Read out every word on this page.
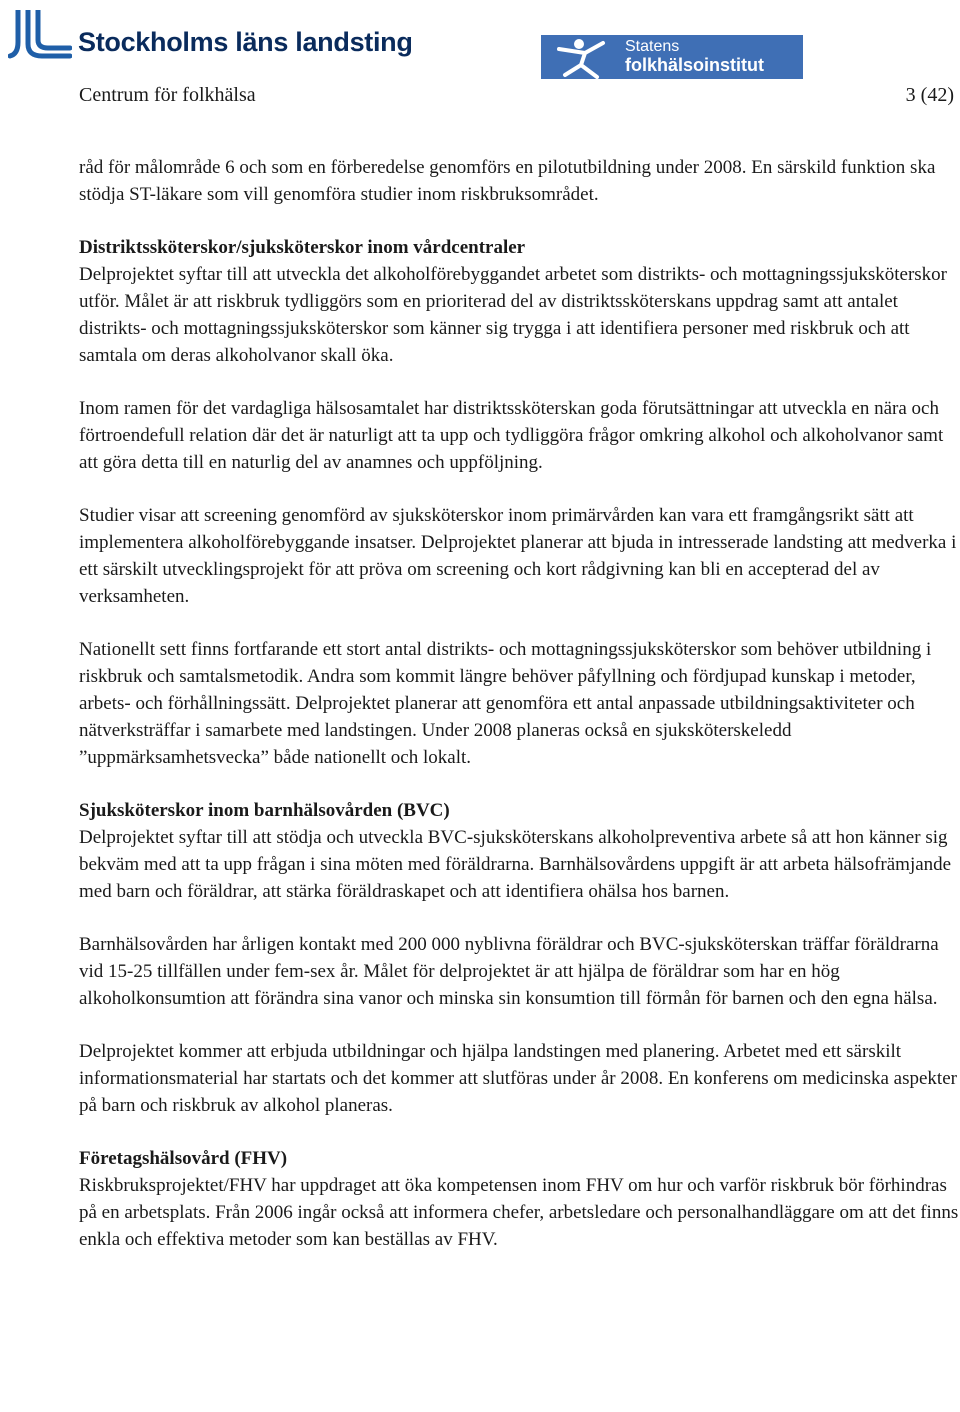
Stockholms läns landsting	Statens
folkhälsoinstitut
Centrum för folkhälsa	3 (42)

råd för målområde 6 och som en förberedelse genomförs en pilotutbildning under 2008. En särskild funktion ska stödja ST-läkare som vill genomföra studier inom riskbruksområdet.

Distriktssköterskor/sjuksköterskor inom vårdcentraler

Delprojektet syftar till att utveckla det alkoholförebyggandet arbetet som distrikts- och mottagningssjuksköterskor utför. Målet är att riskbruk tydliggörs som en prioriterad del av distriktssköterskans uppdrag samt att antalet distrikts- och mottagningssjuksköterskor som känner sig trygga i att identifiera personer med riskbruk och att samtala om deras alkoholvanor skall öka.

Inom ramen för det vardagliga hälsosamtalet har distriktssköterskan goda förutsättningar att utveckla en nära och förtroendefull relation där det är naturligt att ta upp och tydliggöra frågor omkring alkohol och alkoholvanor samt att göra detta till en naturlig del av anamnes och uppföljning.

Studier visar att screening genomförd av sjuksköterskor inom primärvården kan vara ett framgångsrikt sätt att implementera alkoholförebyggande insatser. Delprojektet planerar att bjuda in intresserade landsting att medverka i ett särskilt utvecklingsprojekt för att pröva om screening och kort rådgivning kan bli en accepterad del av verksamheten.

Nationellt sett finns fortfarande ett stort antal distrikts- och mottagningssjuksköterskor som behöver utbildning i riskbruk och samtalsmetodik. Andra som kommit längre behöver påfyllning och fördjupad kunskap i metoder, arbets- och förhållningssätt. Delprojektet planerar att genomföra ett antal anpassade utbildningsaktiviteter och nätverksträffar i samarbete med landstingen. Under 2008 planeras också en sjuksköterskeledd ”uppmärksamhetsvecka” både nationellt och lokalt.

Sjuksköterskor inom barnhälsovården (BVC)

Delprojektet syftar till att stödja och utveckla BVC-sjuksköterskans alkoholpreventiva arbete så att hon känner sig bekväm med att ta upp frågan i sina möten med föräldrarna. Barnhälsovårdens uppgift är att arbeta hälsofrämjande med barn och föräldrar, att stärka föräldraskapet och att identifiera ohälsa hos barnen.

Barnhälsovården har årligen kontakt med 200 000 nyblivna föräldrar och BVC-sjuksköterskan träffar föräldrarna vid 15-25 tillfällen under fem-sex år. Målet för delprojektet är att hjälpa de föräldrar som har en hög alkoholkonsumtion att förändra sina vanor och minska sin konsumtion till förmån för barnen och den egna hälsa.

Delprojektet kommer att erbjuda utbildningar och hjälpa landstingen med planering. Arbetet med ett särskilt informationsmaterial har startats och det kommer att slutföras under år 2008. En konferens om medicinska aspekter på barn och riskbruk av alkohol planeras.

Företagshälsovård (FHV)

Riskbruksprojektet/FHV har uppdraget att öka kompetensen inom FHV om hur och varför riskbruk bör förhindras på en arbetsplats. Från 2006 ingår också att informera chefer, arbetsledare och personalhandläggare om att det finns enkla och effektiva metoder som kan beställas av FHV.
